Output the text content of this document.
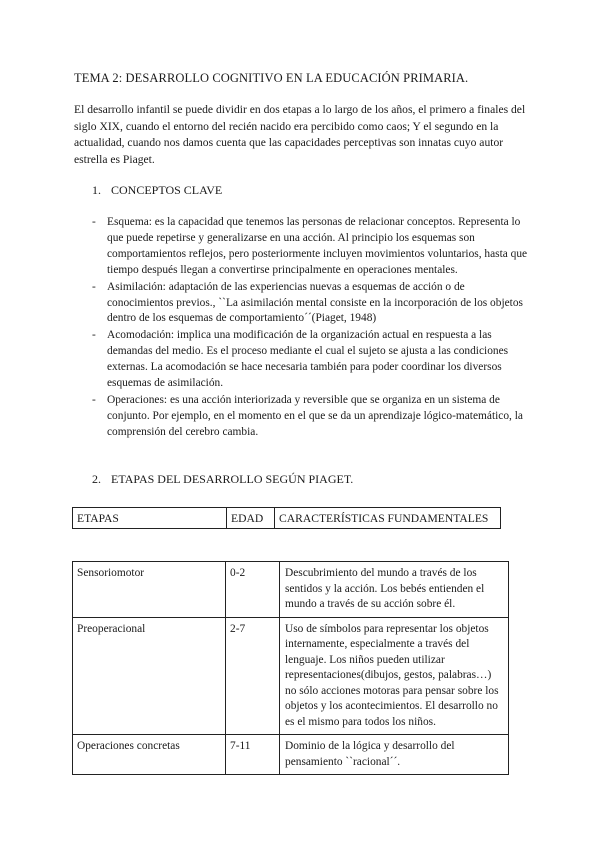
TEMA 2: DESARROLLO COGNITIVO EN LA EDUCACIÓN PRIMARIA.
El desarrollo infantil se puede dividir en dos etapas a lo largo de los años, el primero a finales del siglo XIX, cuando el entorno del recién nacido era percibido como caos; Y el segundo en la actualidad, cuando nos damos cuenta que las capacidades perceptivas son innatas cuyo autor estrella es Piaget.
1. CONCEPTOS CLAVE
- Esquema: es la capacidad que tenemos las personas de relacionar conceptos. Representa lo que puede repetirse y generalizarse en una acción. Al principio los esquemas son comportamientos reflejos, pero posteriormente incluyen movimientos voluntarios, hasta que tiempo después llegan a convertirse principalmente en operaciones mentales.
- Asimilación: adaptación de las experiencias nuevas a esquemas de acción o de conocimientos previos., ``La asimilación mental consiste en la incorporación de los objetos dentro de los esquemas de comportamiento´´(Piaget, 1948)
- Acomodación: implica una modificación de la organización actual en respuesta a las demandas del medio. Es el proceso mediante el cual el sujeto se ajusta a las condiciones externas. La acomodación se hace necesaria también para poder coordinar los diversos esquemas de asimilación.
- Operaciones: es una acción interiorizada y reversible que se organiza en un sistema de conjunto. Por ejemplo, en el momento en el que se da un aprendizaje lógico-matemático, la comprensión del cerebro cambia.
2. ETAPAS DEL DESARROLLO SEGÚN PIAGET.
ETAPAS	EDAD	CARACTERÍSTICAS FUNDAMENTALES
Sensoriomotor	0-2	Descubrimiento del mundo a través de los sentidos y la acción. Los bebés entienden el mundo a través de su acción sobre él.

Preoperacional	2-7	Uso de símbolos para representar los objetos internamente, especialmente a través del lenguaje. Los niños pueden utilizar representaciones(dibujos, gestos, palabras…) no sólo acciones motoras para pensar sobre los objetos y los acontecimientos. El desarrollo no es el mismo para todos los niños.

Operaciones concretas	7-11	Dominio de la lógica y desarrollo del pensamiento ``racional´´.
